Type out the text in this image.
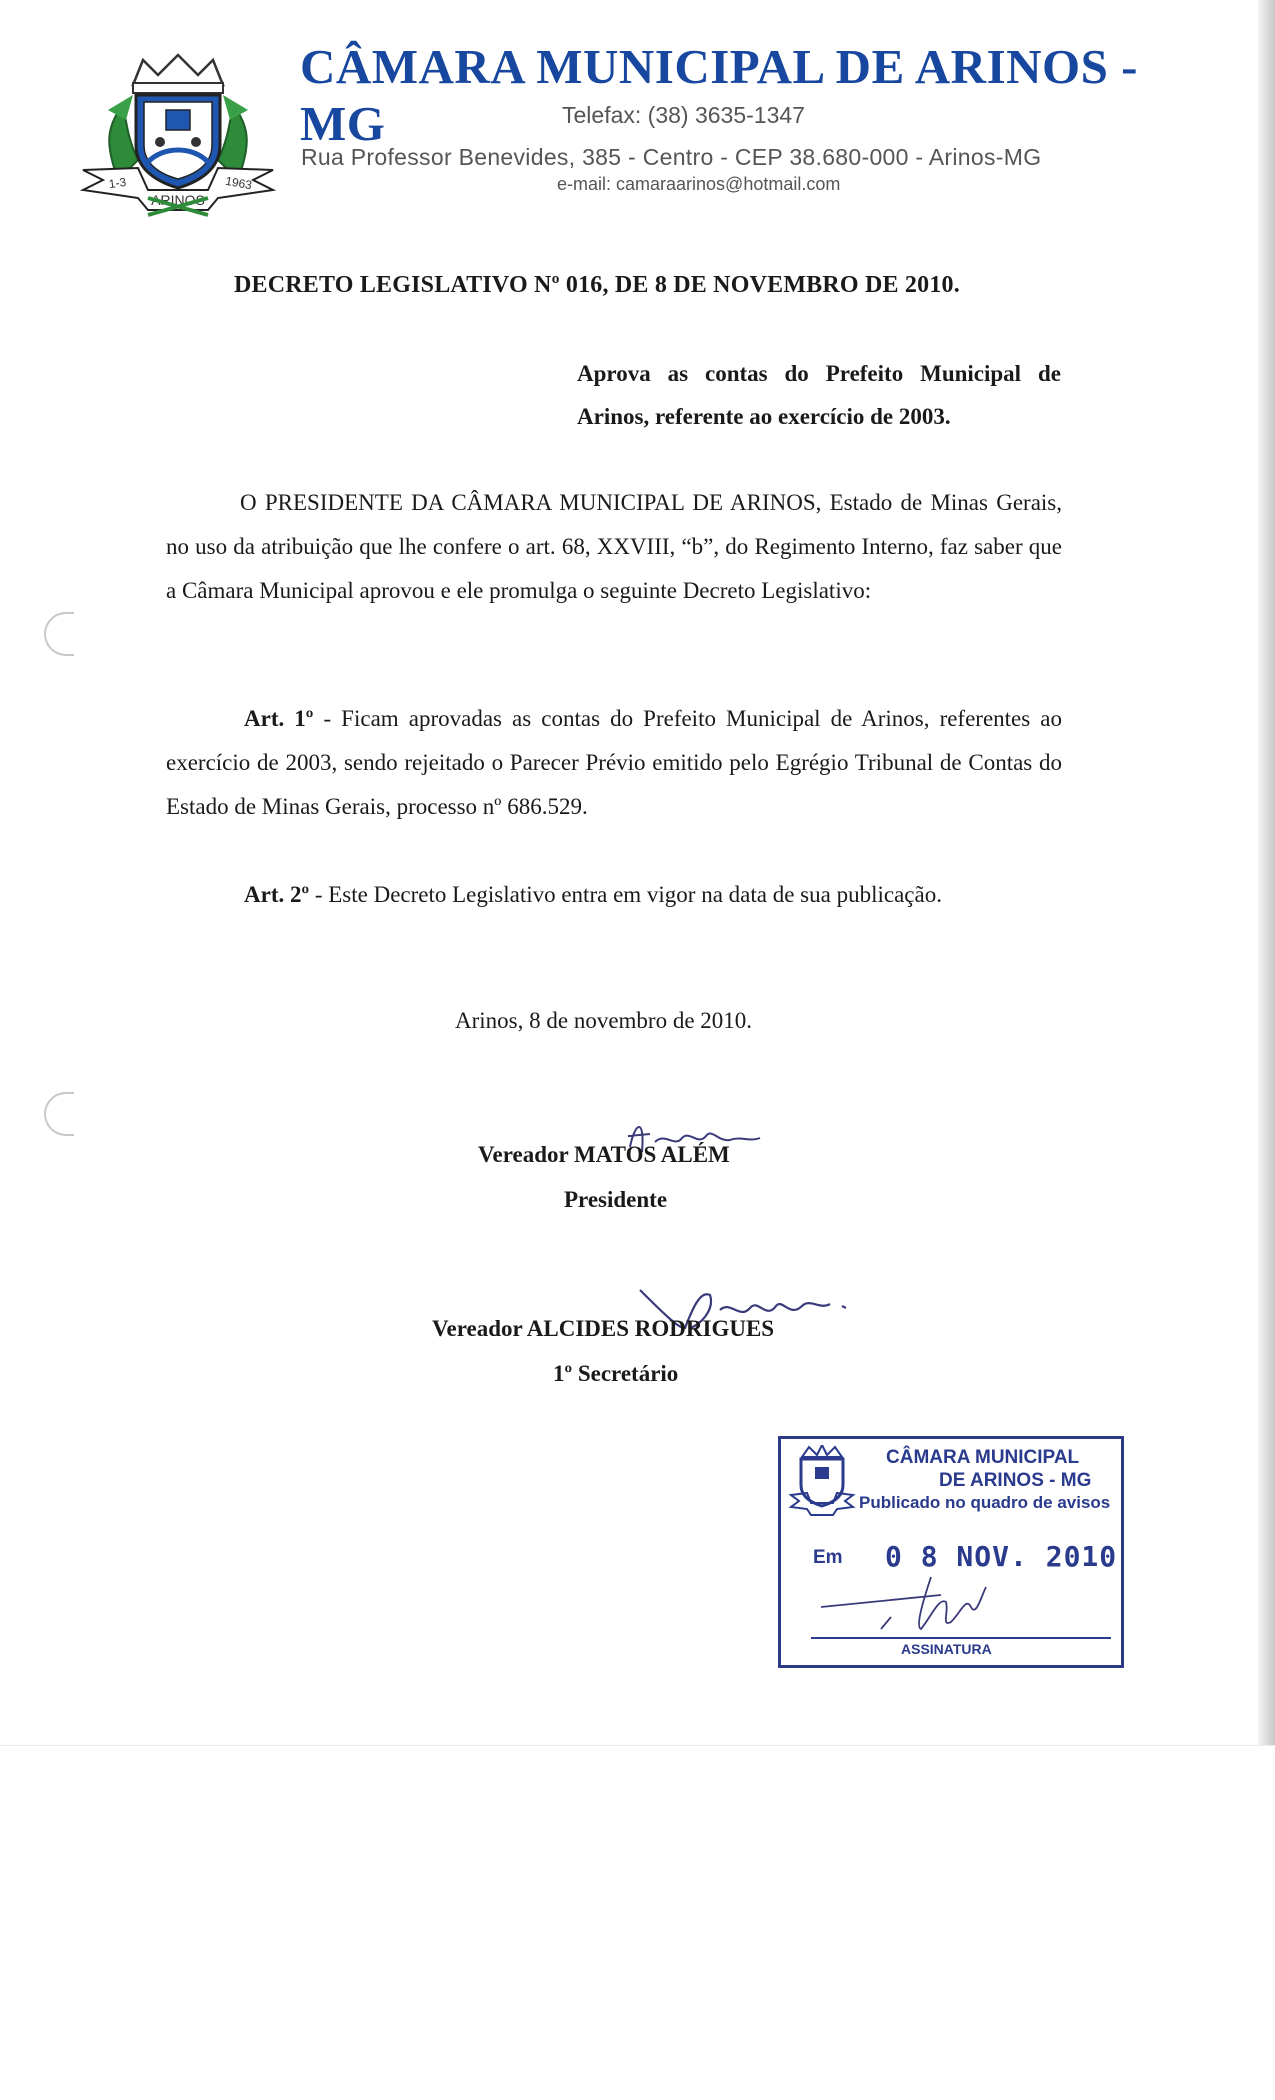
ARINOS
1-3	1963
CÂMARA MUNICIPAL DE ARINOS - MG	Telefax: (38) 3635-1347
Rua Professor Benevides, 385 - Centro - CEP 38.680-000 - Arinos-MG
e-mail: camaraarinos@hotmail.com
DECRETO LEGISLATIVO Nº 016, DE 8 DE NOVEMBRO DE 2010.
Aprova as contas do Prefeito Municipal de Arinos, referente ao exercício de 2003.
O PRESIDENTE DA CÂMARA MUNICIPAL DE ARINOS, Estado de Minas Gerais, no uso da atribuição que lhe confere o art. 68, XXVIII, “b”, do Regimento Interno, faz saber que a Câmara Municipal aprovou e ele promulga o seguinte Decreto Legislativo:
Art. 1º - Ficam aprovadas as contas do Prefeito Municipal de Arinos, referentes ao exercício de 2003, sendo rejeitado o Parecer Prévio emitido pelo Egrégio Tribunal de Contas do Estado de Minas Gerais, processo nº 686.529.
Art. 2º - Este Decreto Legislativo entra em vigor na data de sua publicação.
Arinos, 8 de novembro de 2010.
Vereador MATOS ALÉM
Presidente
Vereador ALCIDES RODRIGUES
1º Secretário
CÂMARA MUNICIPAL
DE ARINOS - MG
Publicado no quadro de avisos
Em 0 8 NOV. 2010
ASSINATURA
